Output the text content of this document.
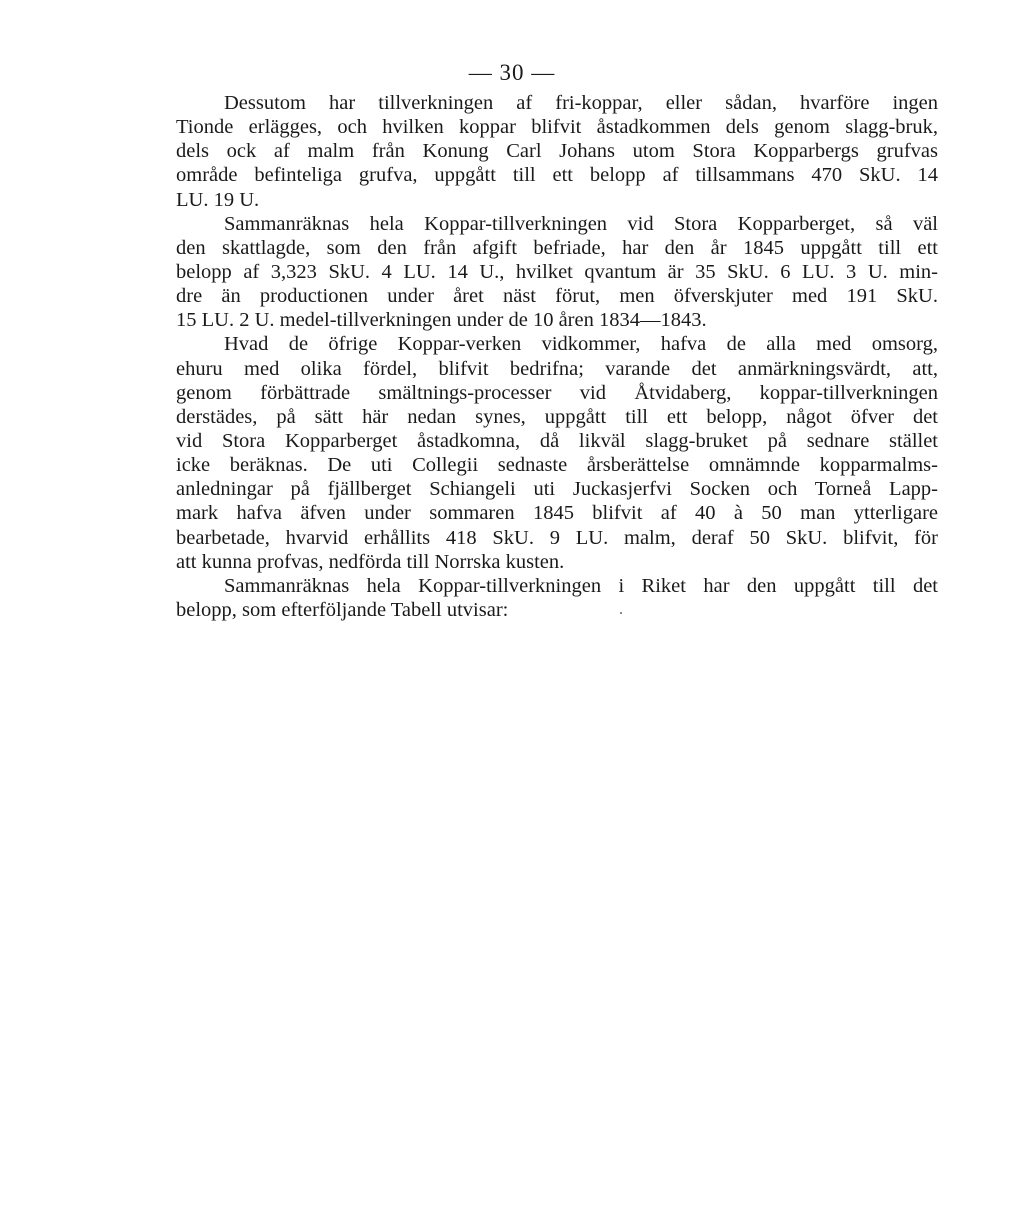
— 30 —
Dessutom har tillverkningen af fri-koppar, eller sådan, hvarföre ingen
Tionde erlägges, och hvilken koppar blifvit åstadkommen dels genom slagg-bruk,
dels ock af malm från Konung Carl Johans utom Stora Kopparbergs grufvas
område befinteliga grufva, uppgått till ett belopp af tillsammans 470 SkU. 14
LU. 19 U.
Sammanräknas hela Koppar-tillverkningen vid Stora Kopparberget, så väl
den skattlagde, som den från afgift befriade, har den år 1845 uppgått till ett
belopp af 3,323 SkU. 4 LU. 14 U., hvilket qvantum är 35 SkU. 6 LU. 3 U. min-
dre än productionen under året näst förut, men öfverskjuter med 191 SkU.
15 LU. 2 U. medel-tillverkningen under de 10 åren 1834—1843.
Hvad de öfrige Koppar-verken vidkommer, hafva de alla med omsorg,
ehuru med olika fördel, blifvit bedrifna; varande det anmärkningsvärdt, att,
genom förbättrade smältnings-processer vid Åtvidaberg, koppar-tillverkningen
derstädes, på sätt här nedan synes, uppgått till ett belopp, något öfver det
vid Stora Kopparberget åstadkomna, då likväl slagg-bruket på sednare stället
icke beräknas. De uti Collegii sednaste årsberättelse omnämnde kopparmalms-
anledningar på fjällberget Schiangeli uti Juckasjerfvi Socken och Torneå Lapp-
mark hafva äfven under sommaren 1845 blifvit af 40 à 50 man ytterligare
bearbetade, hvarvid erhållits 418 SkU. 9 LU. malm, deraf 50 SkU. blifvit, för
att kunna profvas, nedförda till Norrska kusten.
Sammanräknas hela Koppar-tillverkningen i Riket har den uppgått till det
belopp, som efterföljande Tabell utvisar:
